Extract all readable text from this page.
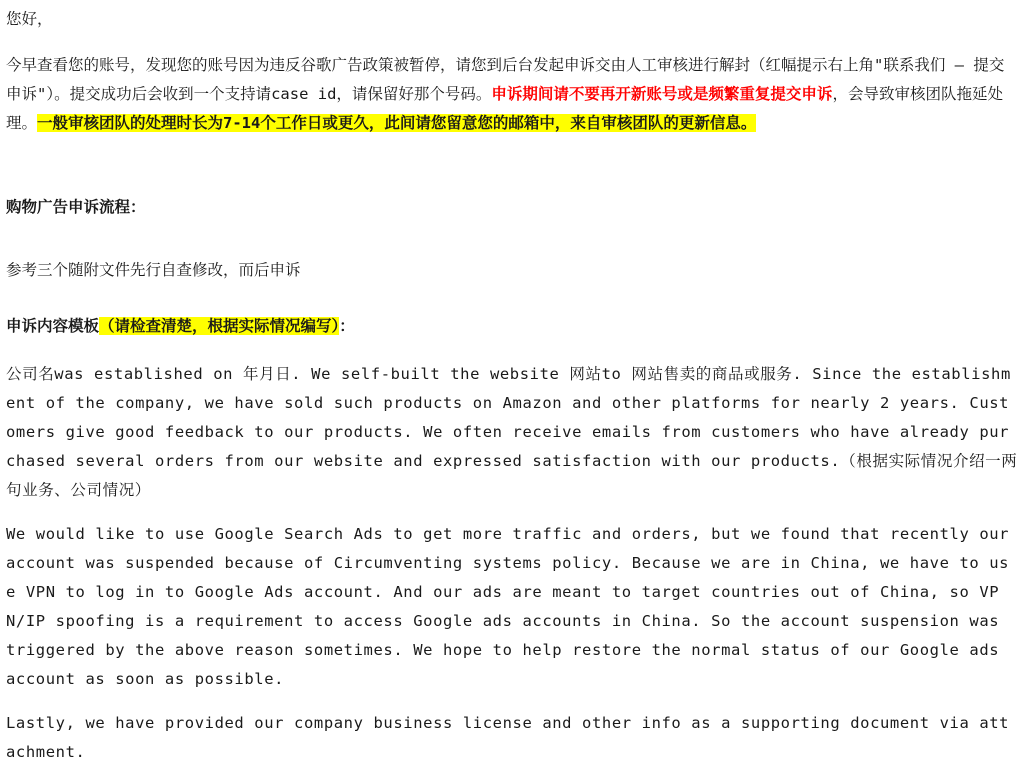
您好，

今早查看您的账号，发现您的账号因为违反谷歌广告政策被暂停，请您到后台发起申诉交由人工审核进行解封（红幅提示右上角"联系我们 — 提交申诉"）。提交成功后会收到一个支持请case id，请保留好那个号码。申诉期间请不要再开新账号或是频繁重复提交申诉，会导致审核团队拖延处理。一般审核团队的处理时长为7-14个工作日或更久，此间请您留意您的邮箱中，来自审核团队的更新信息。

购物广告申诉流程：

参考三个随附文件先行自查修改，而后申诉

申诉内容模板（请检查清楚，根据实际情况编写）：

公司名was established on 年月日. We self-built the website 网站to 网站售卖的商品或服务. Since the establishment of the company, we have sold such products on Amazon and other platforms for nearly 2 years. Customers give good feedback to our products. We often receive emails from customers who have already purchased several orders from our website and expressed satisfaction with our products.（根据实际情况介绍一两句业务、公司情况）

We would like to use Google Search Ads to get more traffic and orders, but we found that recently our account was suspended because of Circumventing systems policy. Because we are in China, we have to use VPN to log in to Google Ads account. And our ads are meant to target countries out of China, so VPN/IP spoofing is a requirement to access Google ads accounts in China. So the account suspension was triggered by the above reason sometimes. We hope to help restore the normal status of our Google ads account as soon as possible.

Lastly, we have provided our company business license and other info as a supporting document via attachment.
